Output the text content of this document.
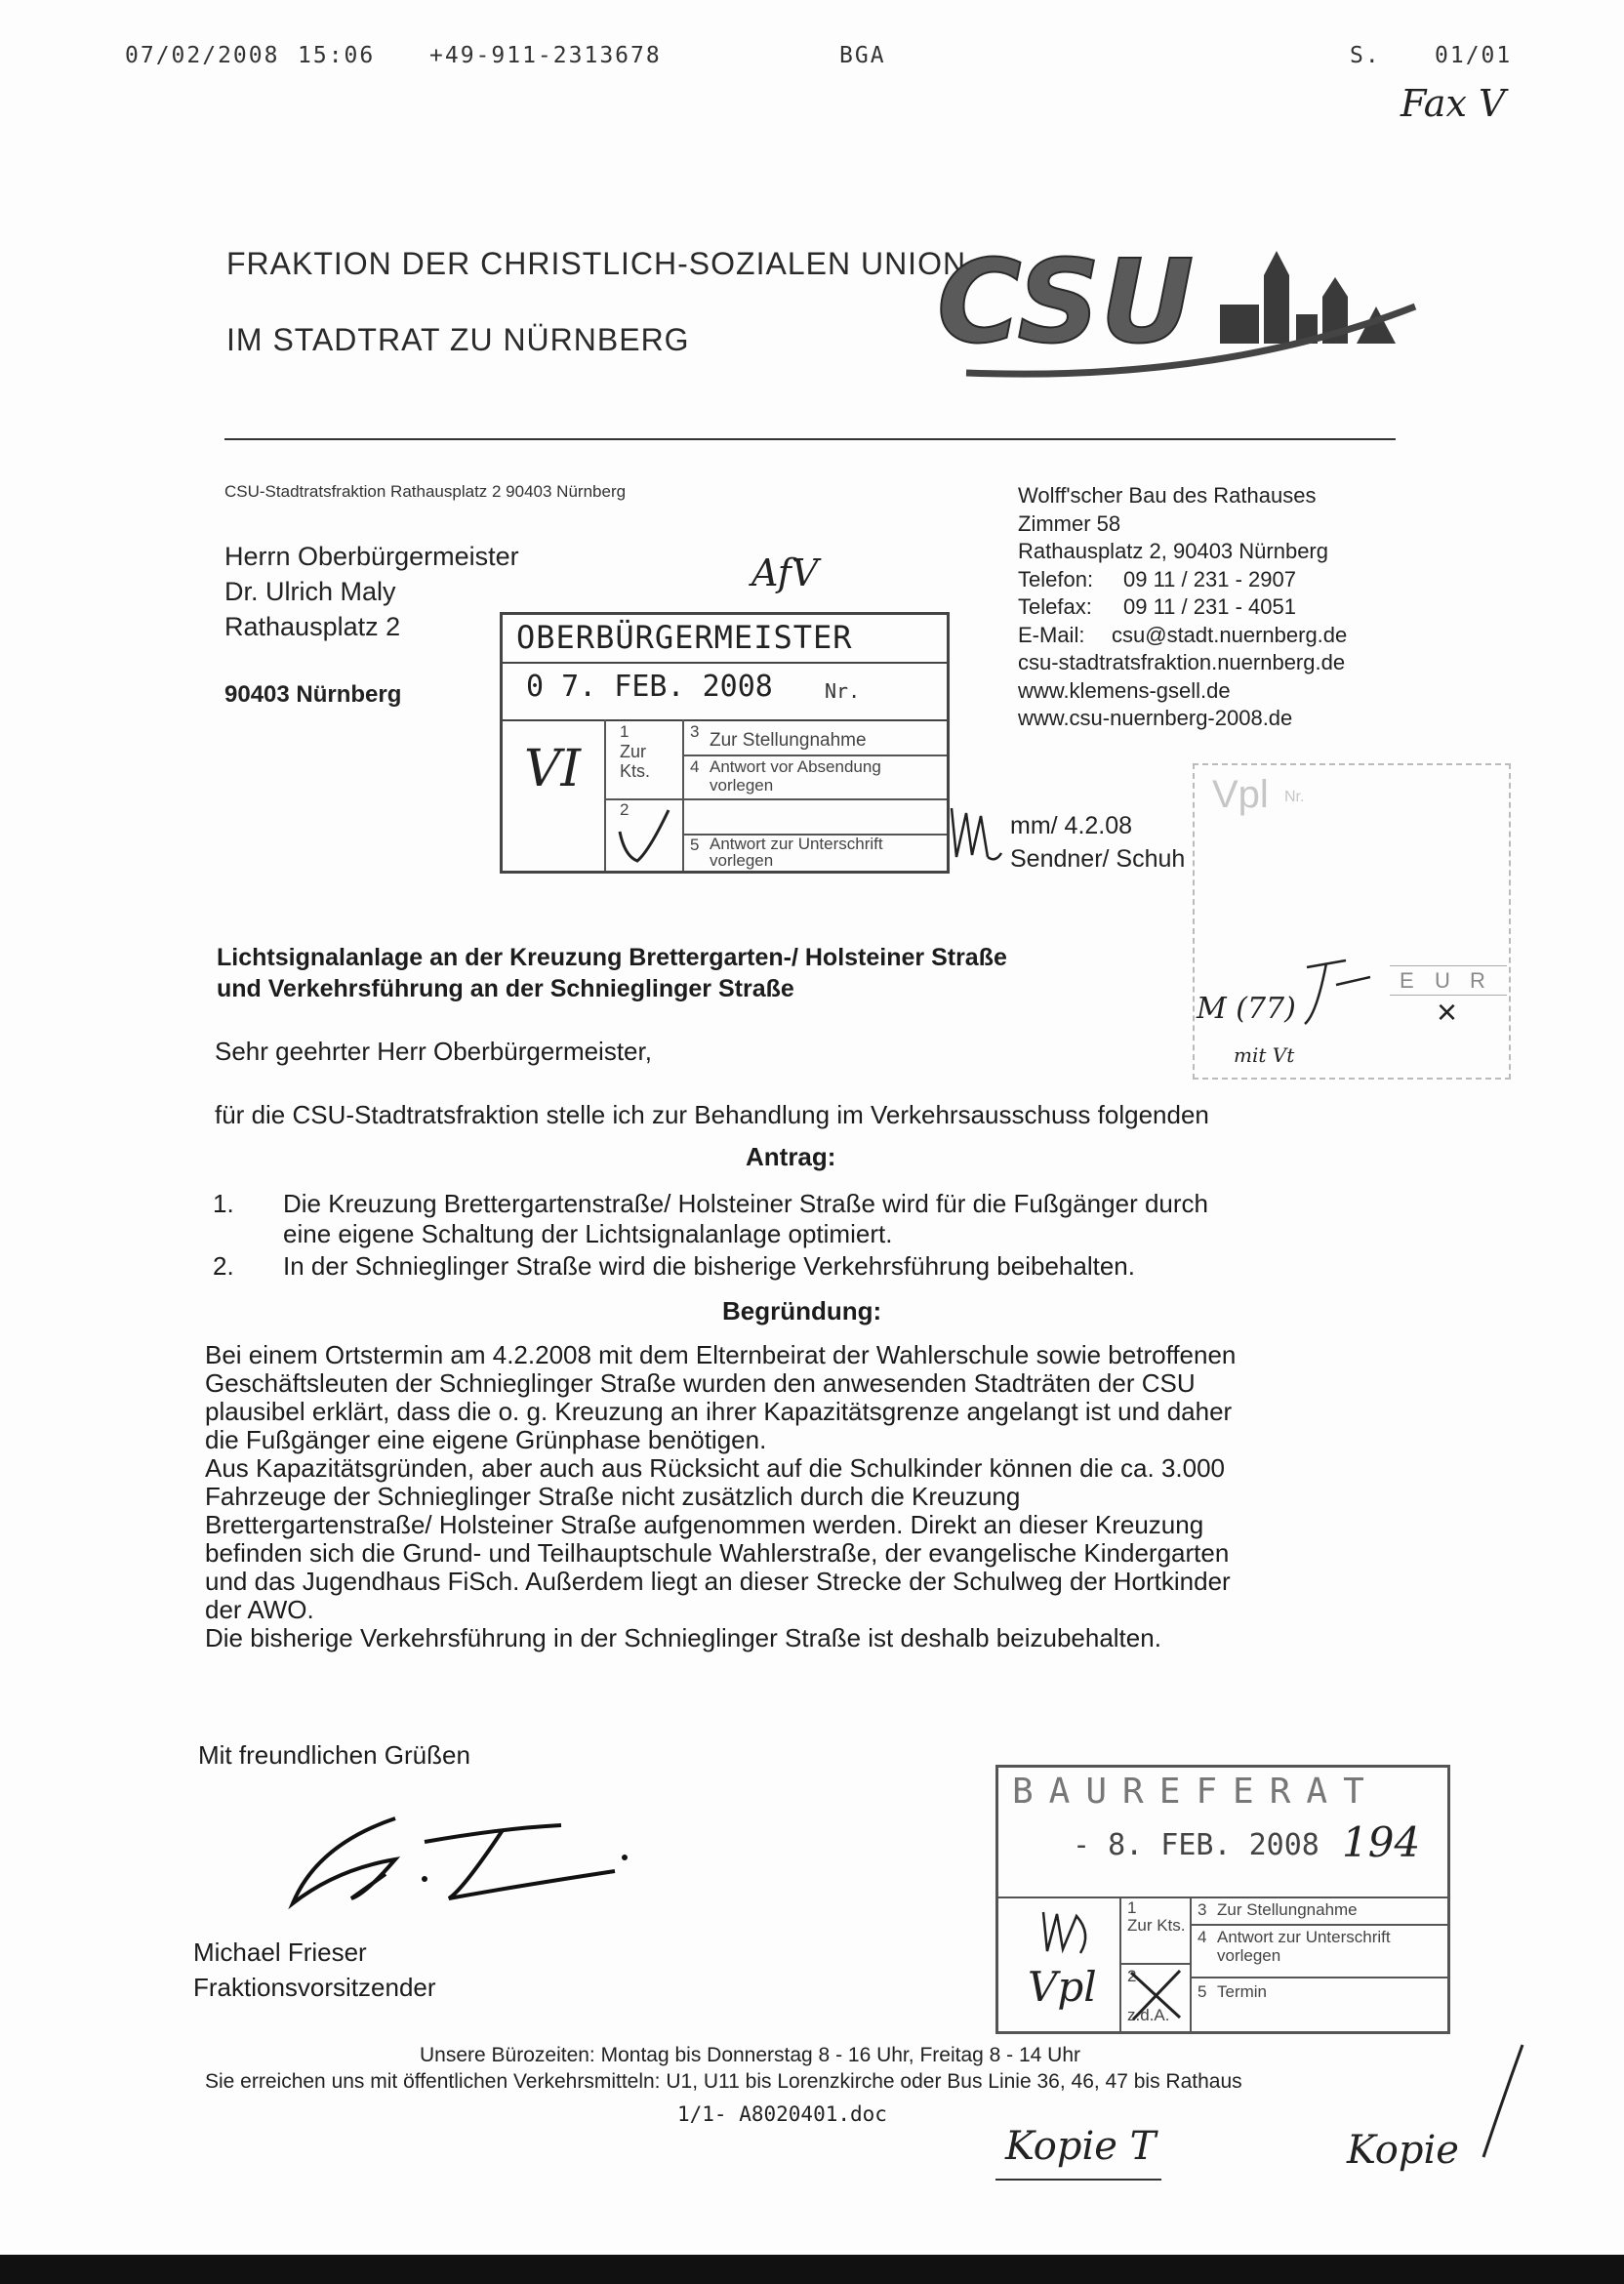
07/02/2008 15:06 +49-911-2313678	BGA	S. 01/01
Fax V
FRAKTION DER CHRISTLICH-SOZIALEN UNION
IM STADTRAT ZU NÜRNBERG CSU
CSU-Stadtratsfraktion Rathausplatz 2 90403 Nürnberg
Herrn Oberbürgermeister
Dr. Ulrich Maly
Rathausplatz 2
90403 Nürnberg
AfV
Wolff'scher Bau des Rathauses
Zimmer 58
Rathausplatz 2, 90403 Nürnberg
Telefon: 09 11 / 231 - 2907
Telefax: 09 11 / 231 - 4051
E-Mail: csu@stadt.nuernberg.de
csu-stadtratsfraktion.nuernberg.de
www.klemens-gsell.de
www.csu-nuernberg-2008.de
OBERBÜRGERMEISTER
0 7. FEB. 2008	Nr.
VI
1
Zur Kts.
2
3 Zur Stellungnahme
4 Antwort vor Absendung vorlegen
5 Antwort zur Unterschrift vorlegen
mm/ 4.2.08
Sendner/ Schuh
Vpl Nr.
E U R
×
M (77)
mit Vt
Lichtsignalanlage an der Kreuzung Brettergarten-/ Holsteiner Straße
und Verkehrsführung an der Schnieglinger Straße
Sehr geehrter Herr Oberbürgermeister,
für die CSU-Stadtratsfraktion stelle ich zur Behandlung im Verkehrsausschuss folgenden
Antrag:
1. Die Kreuzung Brettergartenstraße/ Holsteiner Straße wird für die Fußgänger durch
eine eigene Schaltung der Lichtsignalanlage optimiert.
2. In der Schnieglinger Straße wird die bisherige Verkehrsführung beibehalten.
Begründung:
Bei einem Ortstermin am 4.2.2008 mit dem Elternbeirat der Wahlerschule sowie betroffenen
Geschäftsleuten der Schnieglinger Straße wurden den anwesenden Stadträten der CSU
plausibel erklärt, dass die o. g. Kreuzung an ihrer Kapazitätsgrenze angelangt ist und daher
die Fußgänger eine eigene Grünphase benötigen.
Aus Kapazitätsgründen, aber auch aus Rücksicht auf die Schulkinder können die ca. 3.000
Fahrzeuge der Schnieglinger Straße nicht zusätzlich durch die Kreuzung
Brettergartenstraße/ Holsteiner Straße aufgenommen werden. Direkt an dieser Kreuzung
befinden sich die Grund- und Teilhauptschule Wahlerstraße, der evangelische Kindergarten
und das Jugendhaus FiSch. Außerdem liegt an dieser Strecke der Schulweg der Hortkinder
der AWO.
Die bisherige Verkehrsführung in der Schnieglinger Straße ist deshalb beizubehalten.
Mit freundlichen Grüßen
Michael Frieser
Fraktionsvorsitzender
BAUREFERAT
- 8. FEB. 2008 194
1
Zur Kts.
2
z.d.A.
3 Zur Stellungnahme
4 Antwort zur Unterschrift vorlegen
5 Termin
Vpl
Unsere Bürozeiten: Montag bis Donnerstag 8 - 16 Uhr, Freitag 8 - 14 Uhr
Sie erreichen uns mit öffentlichen Verkehrsmitteln: U1, U11 bis Lorenzkirche oder Bus Linie 36, 46, 47 bis Rathaus
1/1- A8020401.doc
Kopie T	Kopie
